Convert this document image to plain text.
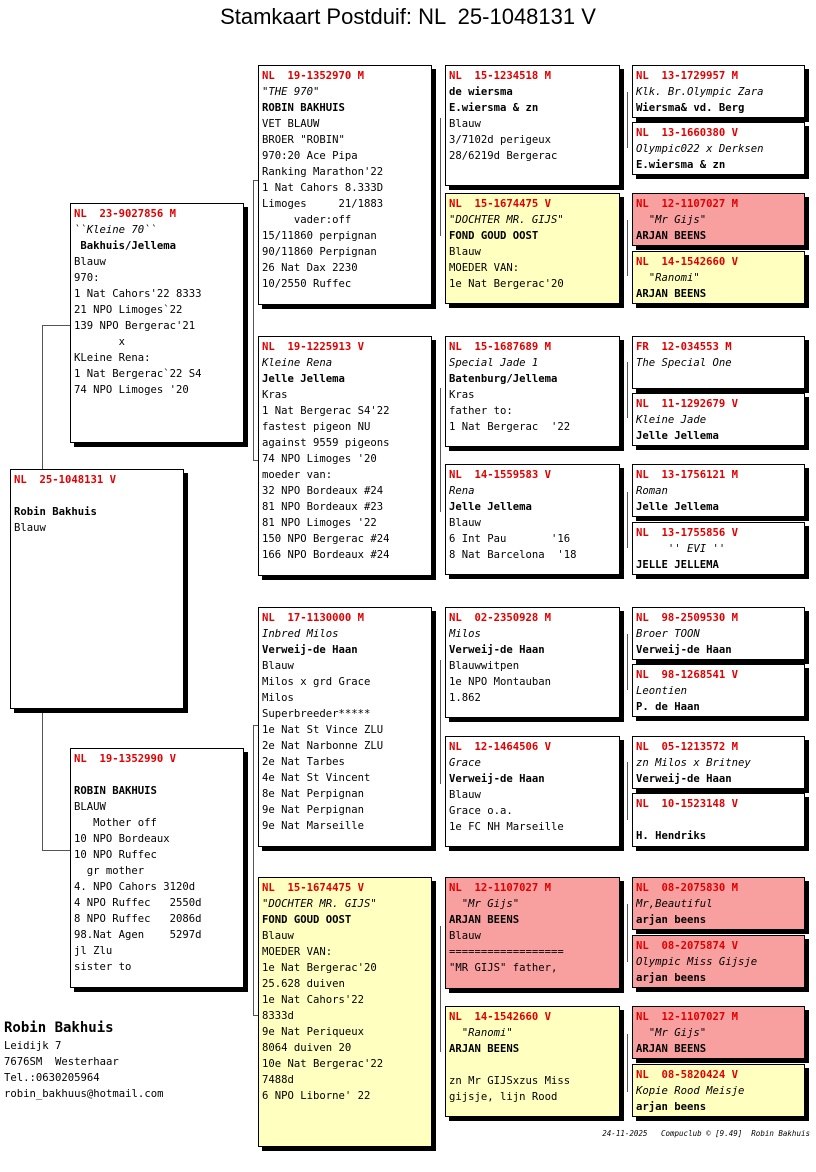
Stamkaart Postduif: NL  25-1048131 V
NL  25-1048131 V

Robin Bakhuis
Blauw
NL  23-9027856 M
``Kleine 70``
Bakhuis/Jellema
Blauw
970:
1 Nat Cahors'22 8333
21 NPO Limoges`22
139 NPO Bergerac'21
x
KLeine Rena:
1 Nat Bergerac`22 S4
74 NPO Limoges '20
NL  19-1352990 V

ROBIN BAKHUIS
BLAUW
Mother off
10 NPO Bordeaux
10 NPO Ruffec
gr mother
4. NPO Cahors 3120d
4 NPO Ruffec   2550d
8 NPO Ruffec   2086d
98.Nat Agen    5297d
jl Zlu
sister to
NL  19-1352970 M
"THE 970"
ROBIN BAKHUIS
VET BLAUW
BROER "ROBIN"
970:20 Ace Pipa
Ranking Marathon'22
1 Nat Cahors 8.333D
Limoges     21/1883
vader:off
15/11860 perpignan
90/11860 Perpignan
26 Nat Dax 2230
10/2550 Ruffec
NL  19-1225913 V
Kleine Rena
Jelle Jellema
Kras
1 Nat Bergerac S4'22
fastest pigeon NU
against 9559 pigeons
74 NPO Limoges '20
moeder van:
32 NPO Bordeaux #24
81 NPO Bordeaux #23
81 NPO Limoges '22
150 NPO Bergerac #24
166 NPO Bordeaux #24
NL  17-1130000 M
Inbred Milos
Verweij-de Haan
Blauw
Milos x grd Grace
Milos
Superbreeder*****
1e Nat St Vince ZLU
2e Nat Narbonne ZLU
2e Nat Tarbes
4e Nat St Vincent
8e Nat Perpignan
9e Nat Perpignan
9e Nat Marseille
NL  15-1674475 V
"DOCHTER MR. GIJS"
FOND GOUD OOST
Blauw
MOEDER VAN:
1e Nat Bergerac'20
25.628 duiven
1e Nat Cahors'22
8333d
9e Nat Periqueux
8064 duiven 20
10e Nat Bergerac'22
7488d
6 NPO Liborne' 22
NL  15-1234518 M
de wiersma
E.wiersma & zn
Blauw
3/7102d perigeux
28/6219d Bergerac
NL  15-1674475 V
"DOCHTER MR. GIJS"
FOND GOUD OOST
Blauw
MOEDER VAN:
1e Nat Bergerac'20
NL  15-1687689 M
Special Jade 1
Batenburg/Jellema
Kras
father to:
1 Nat Bergerac  '22
NL  14-1559583 V
Rena
Jelle Jellema
Blauw
6 Int Pau       '16
8 Nat Barcelona  '18
NL  02-2350928 M
Milos
Verweij-de Haan
Blauwwitpen
1e NPO Montauban
1.862
NL  12-1464506 V
Grace
Verweij-de Haan
Blauw
Grace o.a.
1e FC NH Marseille
NL  12-1107027 M
"Mr Gijs"
ARJAN BEENS
Blauw
==================
"MR GIJS" father,
NL  14-1542660 V
"Ranomi"
ARJAN BEENS

zn Mr GIJSxzus Miss
gijsje, lijn Rood
NL  13-1729957 M
Klk. Br.Olympic Zara
Wiersma& vd. Berg
NL  13-1660380 V
Olympic022 x Derksen
E.wiersma & zn
NL  12-1107027 M
"Mr Gijs"
ARJAN BEENS
NL  14-1542660 V
"Ranomi"
ARJAN BEENS
FR  12-034553 M
The Special One
NL  11-1292679 V
Kleine Jade
Jelle Jellema
NL  13-1756121 M
Roman
Jelle Jellema
NL  13-1755856 V
'' EVI ''
JELLE JELLEMA
NL  98-2509530 M
Broer TOON
Verweij-de Haan
NL  98-1268541 V
Leontien
P. de Haan
NL  05-1213572 M
zn Milos x Britney
Verweij-de Haan
NL  10-1523148 V

H. Hendriks
NL  08-2075830 M
Mr,Beautiful
arjan beens
NL  08-2075874 V
Olympic Miss Gijsje
arjan beens
NL  12-1107027 M
"Mr Gijs"
ARJAN BEENS
NL  08-5820424 V
Kopie Rood Meisje
arjan beens
Robin Bakhuis
Leidijk 7
7676SM  Westerhaar
Tel.:0630205964
robin_bakhuus@hotmail.com
24-11-2025   Compuclub © [9.49]  Robin Bakhuis
